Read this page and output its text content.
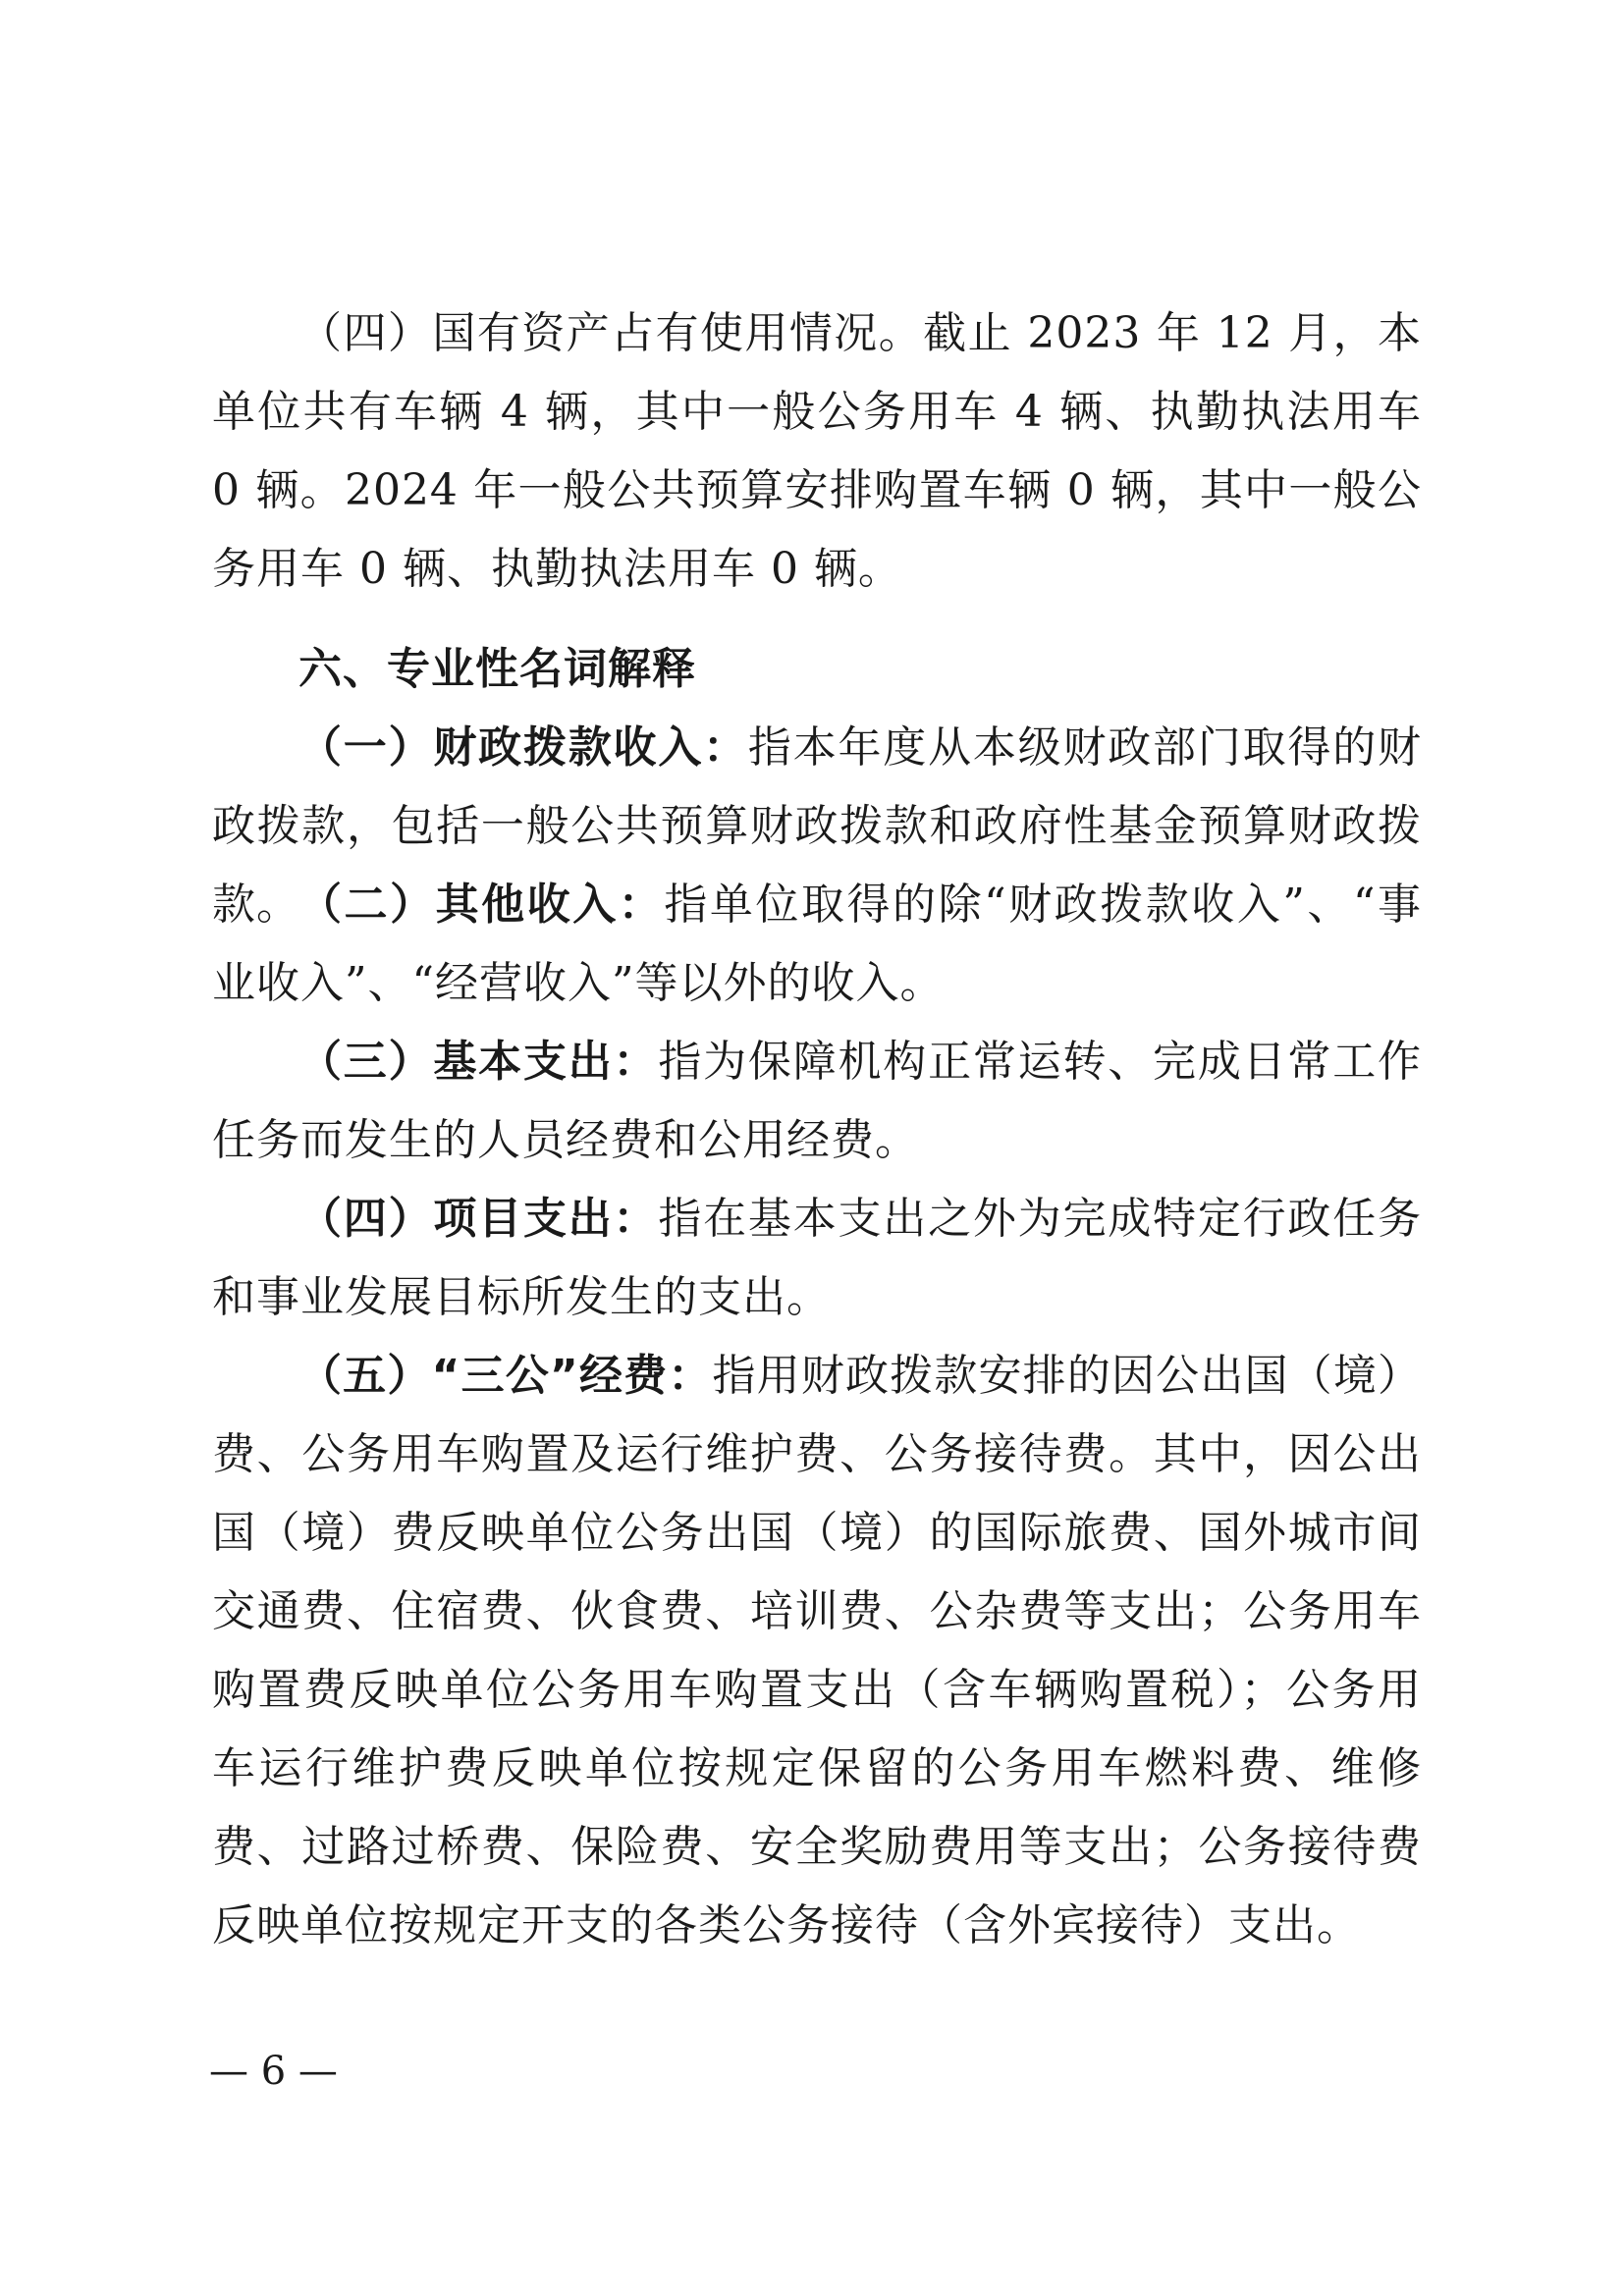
（四）国有资产占有使用情况。截止 2023 年 12 月，本单位共有车辆 4 辆，其中一般公务用车 4 辆、执勤执法用车 0 辆。2024 年一般公共预算安排购置车辆 0 辆，其中一般公务用车 0 辆、执勤执法用车 0 辆。

六、专业性名词解释

（一）财政拨款收入：指本年度从本级财政部门取得的财政拨款，包括一般公共预算财政拨款和政府性基金预算财政拨款。

（二）其他收入：指单位取得的除“财政拨款收入”、“事业收入”、“经营收入”等以外的收入。

（三）基本支出：指为保障机构正常运转、完成日常工作任务而发生的人员经费和公用经费。

（四）项目支出：指在基本支出之外为完成特定行政任务和事业发展目标所发生的支出。

（五）“三公”经费：指用财政拨款安排的因公出国（境）费、公务用车购置及运行维护费、公务接待费。其中，因公出国（境）费反映单位公务出国（境）的国际旅费、国外城市间交通费、住宿费、伙食费、培训费、公杂费等支出；公务用车购置费反映单位公务用车购置支出（含车辆购置税）；公务用车运行维护费反映单位按规定保留的公务用车燃料费、维修费、过路过桥费、保险费、安全奖励费用等支出；公务接待费反映单位按规定开支的各类公务接待（含外宾接待）支出。

— 6 —
